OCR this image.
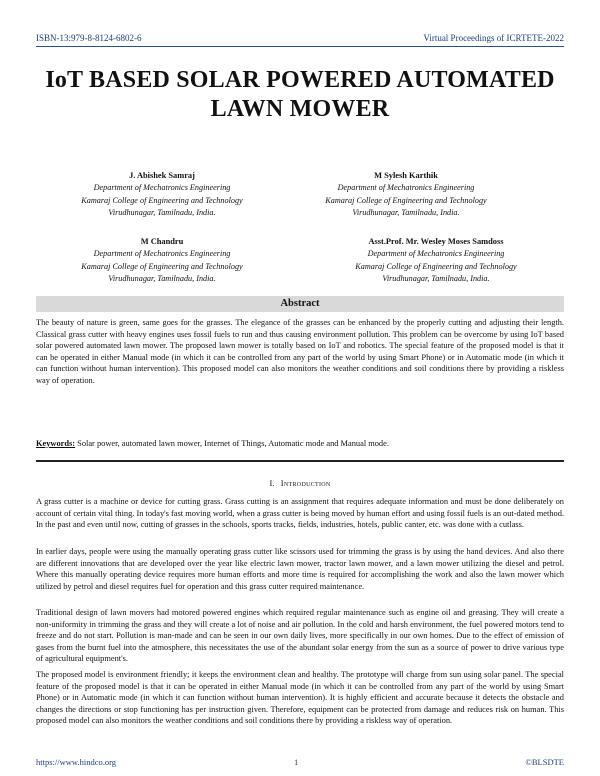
ISBN-13:979-8-8124-6802-6	Virtual Proceedings of ICRTETE-2022
IoT BASED SOLAR POWERED AUTOMATED
LAWN MOWER
J. Abishek Samraj
Department of Mechatronics Engineering
Kamaraj College of Engineering and Technology
Virudhunagar, Tamilnadu, India.
M Sylesh Karthik
Department of Mechatronics Engineering
Kamaraj College of Engineering and Technology
Virudhunagar, Tamilnadu, India.
M Chandru
Department of Mechatronics Engineering
Kamaraj College of Engineering and Technology
Virudhunagar, Tamilnadu, India.
Asst.Prof. Mr. Wesley Moses Samdoss
Department of Mechatronics Engineering
Kamaraj College of Engineering and Technology
Virudhunagar, Tamilnadu, India.
Abstract
The beauty of nature is green, same goes for the grasses. The elegance of the grasses can be enhanced by the properly cutting and adjusting their length. Classical grass cutter with heavy engines uses fossil fuels to run and thus causing environment pollution. This problem can be overcome by using IoT based solar powered automated lawn mower. The proposed lawn mower is totally based on IoT and robotics. The special feature of the proposed model is that it can be operated in either Manual mode (in which it can be controlled from any part of the world by using Smart Phone) or in Automatic mode (in which it can function without human intervention). This proposed model can also monitors the weather conditions and soil conditions there by providing a riskless way of operation.
Keywords: Solar power, automated lawn mower, Internet of Things, Automatic mode and Manual mode.
I. Introduction
A grass cutter is a machine or device for cutting grass. Grass cutting is an assignment that requires adequate information and must be done deliberately on account of certain vital thing. In today's fast moving world, when a grass cutter is being moved by human effort and using fossil fuels is an out-dated method. In the past and even until now, cutting of grasses in the schools, sports tracks, fields, industries, hotels, public canter, etc. was done with a cutlass.
In earlier days, people were using the manually operating grass cutter like scissors used for trimming the grass is by using the hand devices. And also there are different innovations that are developed over the year like electric lawn mower, tractor lawn mower, and a lawn mower utilizing the diesel and petrol. Where this manually operating device requires more human efforts and more time is required for accomplishing the work and also the lawn mower which utilized by petrol and diesel requires fuel for operation and this grass cutter required maintenance.
Traditional design of lawn movers had motored powered engines which required regular maintenance such as engine oil and greasing. They will create a non-uniformity in trimming the grass and they will create a lot of noise and air pollution. In the cold and harsh environment, the fuel powered motors tend to freeze and do not start. Pollution is man-made and can be seen in our own daily lives, more specifically in our own homes. Due to the effect of emission of gases from the burnt fuel into the atmosphere, this necessitates the use of the abundant solar energy from the sun as a source of power to drive various type of agricultural equipment's.
The proposed model is environment friendly; it keeps the environment clean and healthy. The prototype will charge from sun using solar panel. The special feature of the proposed model is that it can be operated in either Manual mode (in which it can be controlled from any part of the world by using Smart Phone) or in Automatic mode (in which it can function without human intervention). It is highly efficient and accurate because it detects the obstacle and changes the directions or stop functioning has per instruction given. Therefore, equipment can be protected from damage and reduces risk on human. This proposed model can also monitors the weather conditions and soil conditions there by providing a riskless way of operation.
https://www.hindco.org	1	©BLSDTE
